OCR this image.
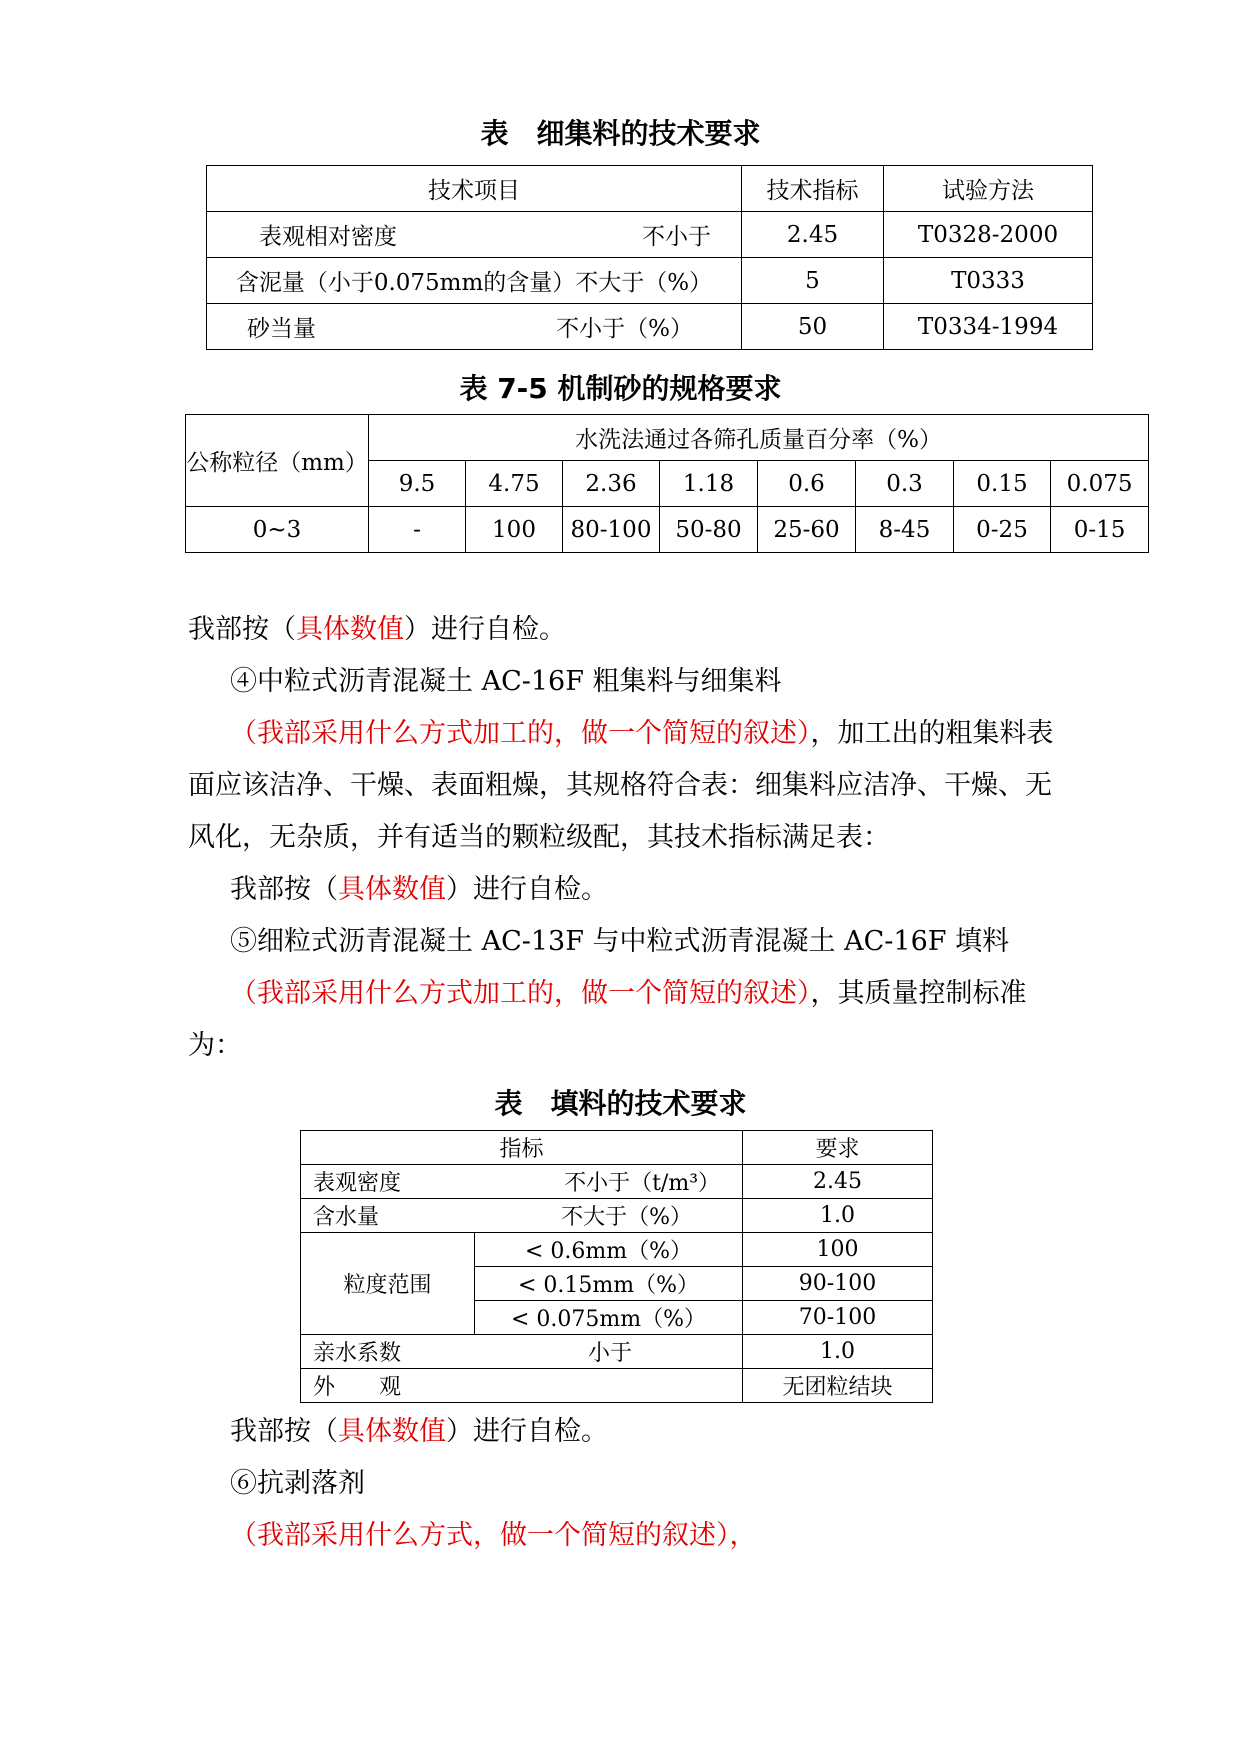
表　细集料的技术要求
技术项目	技术指标	试验方法

表观相对密度 不小于	2.45	T0328-2000
含泥量（小于0.075mm的含量）不大于（%）	5	T0333

砂当量 不小于（%）	50	T0334-1994
表 7-5 机制砂的规格要求
公称粒径（mm）	水洗法通过各筛孔质量百分率（%）							
	9.5	4.75	2.36	1.18	0.6	0.3	0.15	0.075
0~3	-	100	80-100	50-80	25-60	8-45	0-25	0-15
我部按（具体数值）进行自检。
④中粒式沥青混凝土 AC-16F 粗集料与细集料
（我部采用什么方式加工的，做一个简短的叙述），加工出的粗集料表面应该洁净、干燥、表面粗燥，其规格符合表：细集料应洁净、干燥、无风化，无杂质，并有适当的颗粒级配，其技术指标满足表：
我部按（具体数值）进行自检。
⑤细粒式沥青混凝土 AC-13F 与中粒式沥青混凝土 AC-16F 填料
（我部采用什么方式加工的，做一个简短的叙述），其质量控制标准为：
表　填料的技术要求
指标		要求

表观密度 不小于（t/m³）		2.45

含水量 不大于（%）		1.0
粒度范围	< 0.6mm（%）	100
	< 0.15mm（%）	90-100
	< 0.075mm（%）	70-100

亲水系数 小于		1.0
外　　观		无团粒结块
我部按（具体数值）进行自检。
⑥抗剥落剂
（我部采用什么方式，做一个简短的叙述），
